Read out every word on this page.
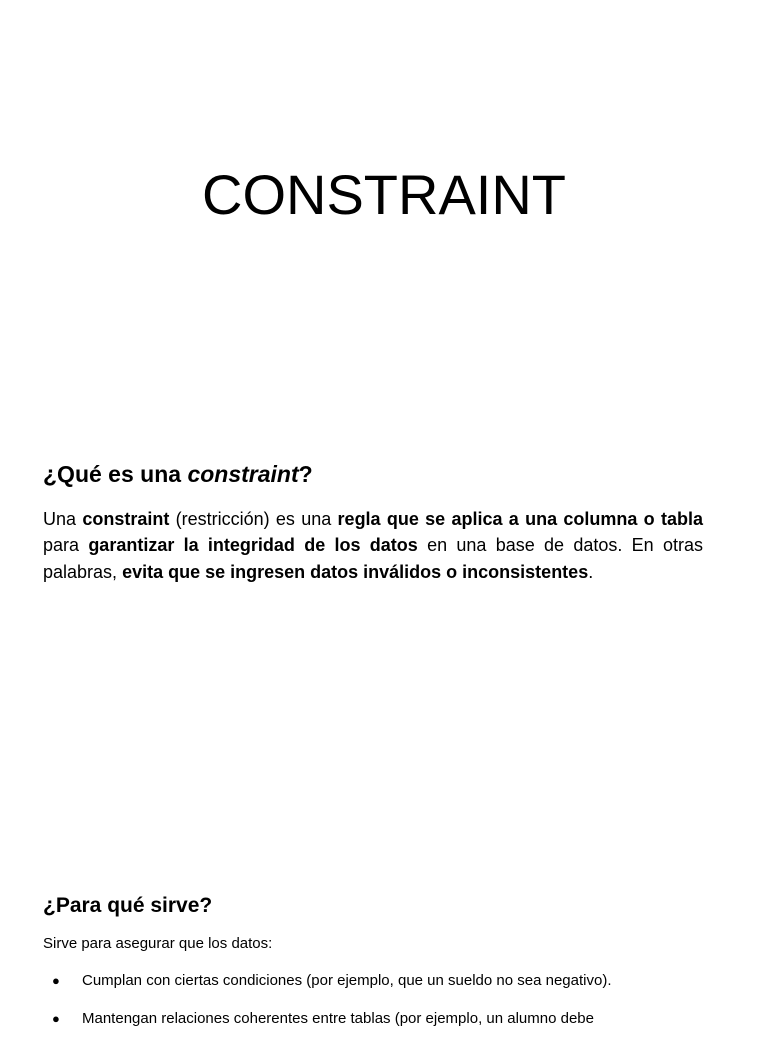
CONSTRAINT
¿Qué es una constraint?

Una constraint (restricción) es una regla que se aplica a una columna o tabla para garantizar la integridad de los datos en una base de datos. En otras palabras, evita que se ingresen datos inválidos o inconsistentes.

¿Para qué sirve?

Sirve para asegurar que los datos:

● Cumplan con ciertas condiciones (por ejemplo, que un sueldo no sea negativo).
● Mantengan relaciones coherentes entre tablas (por ejemplo, un alumno debe
